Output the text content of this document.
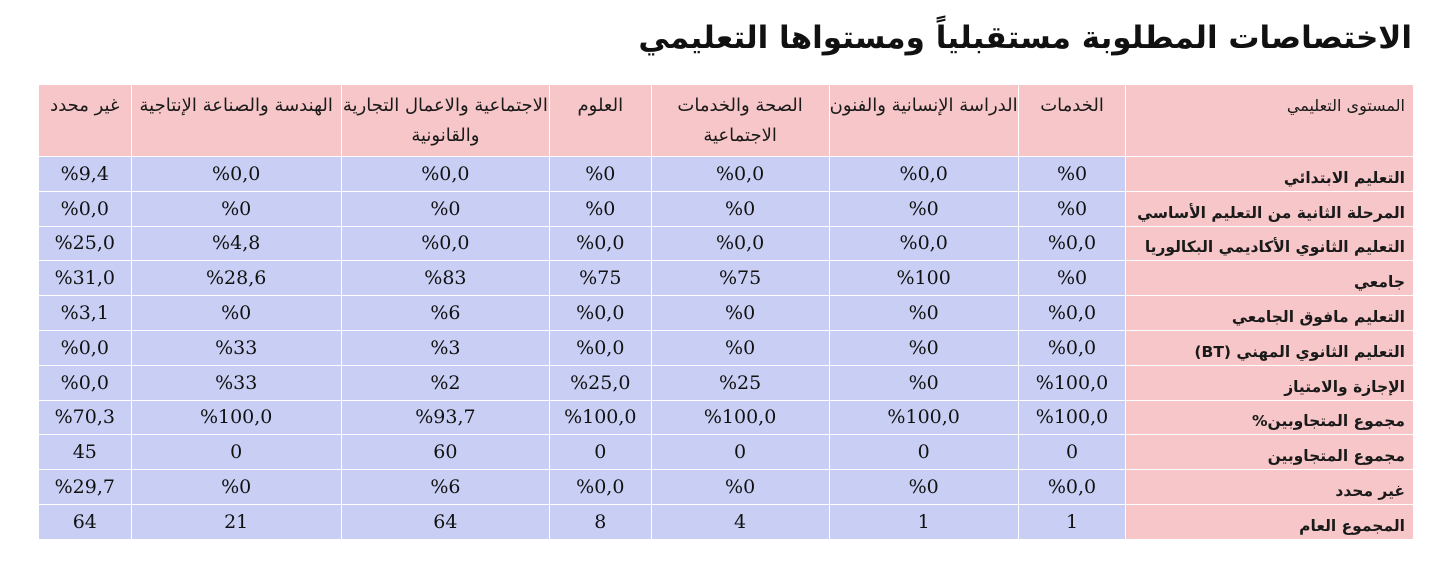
الاختصاصات المطلوبة مستقبلياً ومستواها التعليمي
المستوى التعليمي	الخدمات	الدراسة الإنسانية والفنون	الصحة والخدمات الاجتماعية	العلوم	الاجتماعية والاعمال التجارية والقانونية	الهندسة والصناعة الإنتاجية	غير محدد
التعليم الابتدائي	%0	%0,0	%0,0	%0	%0,0	%0,0	%9,4
المرحلة الثانية من التعليم الأساسي	%0	%0	%0	%0	%0	%0	%0,0
التعليم الثانوي الأكاديمي البكالوريا	%0,0	%0,0	%0,0	%0,0	%0,0	%4,8	%25,0
جامعي	%0	%100	%75	%75	%83	%28,6	%31,0
التعليم مافوق الجامعي	%0,0	%0	%0	%0,0	%6	%0	%3,1
التعليم الثانوي المهني (BT)	%0,0	%0	%0	%0,0	%3	%33	%0,0
الإجازة والامتياز	%100,0	%0	%25	%25,0	%2	%33	%0,0
مجموع المتجاوبين%	%100,0	%100,0	%100,0	%100,0	%93,7	%100,0	%70,3
مجموع المتجاوبين	0	0	0	0	60	0	45
غير محدد	%0,0	%0	%0	%0,0	%6	%0	%29,7
المجموع العام	1	1	4	8	64	21	64
